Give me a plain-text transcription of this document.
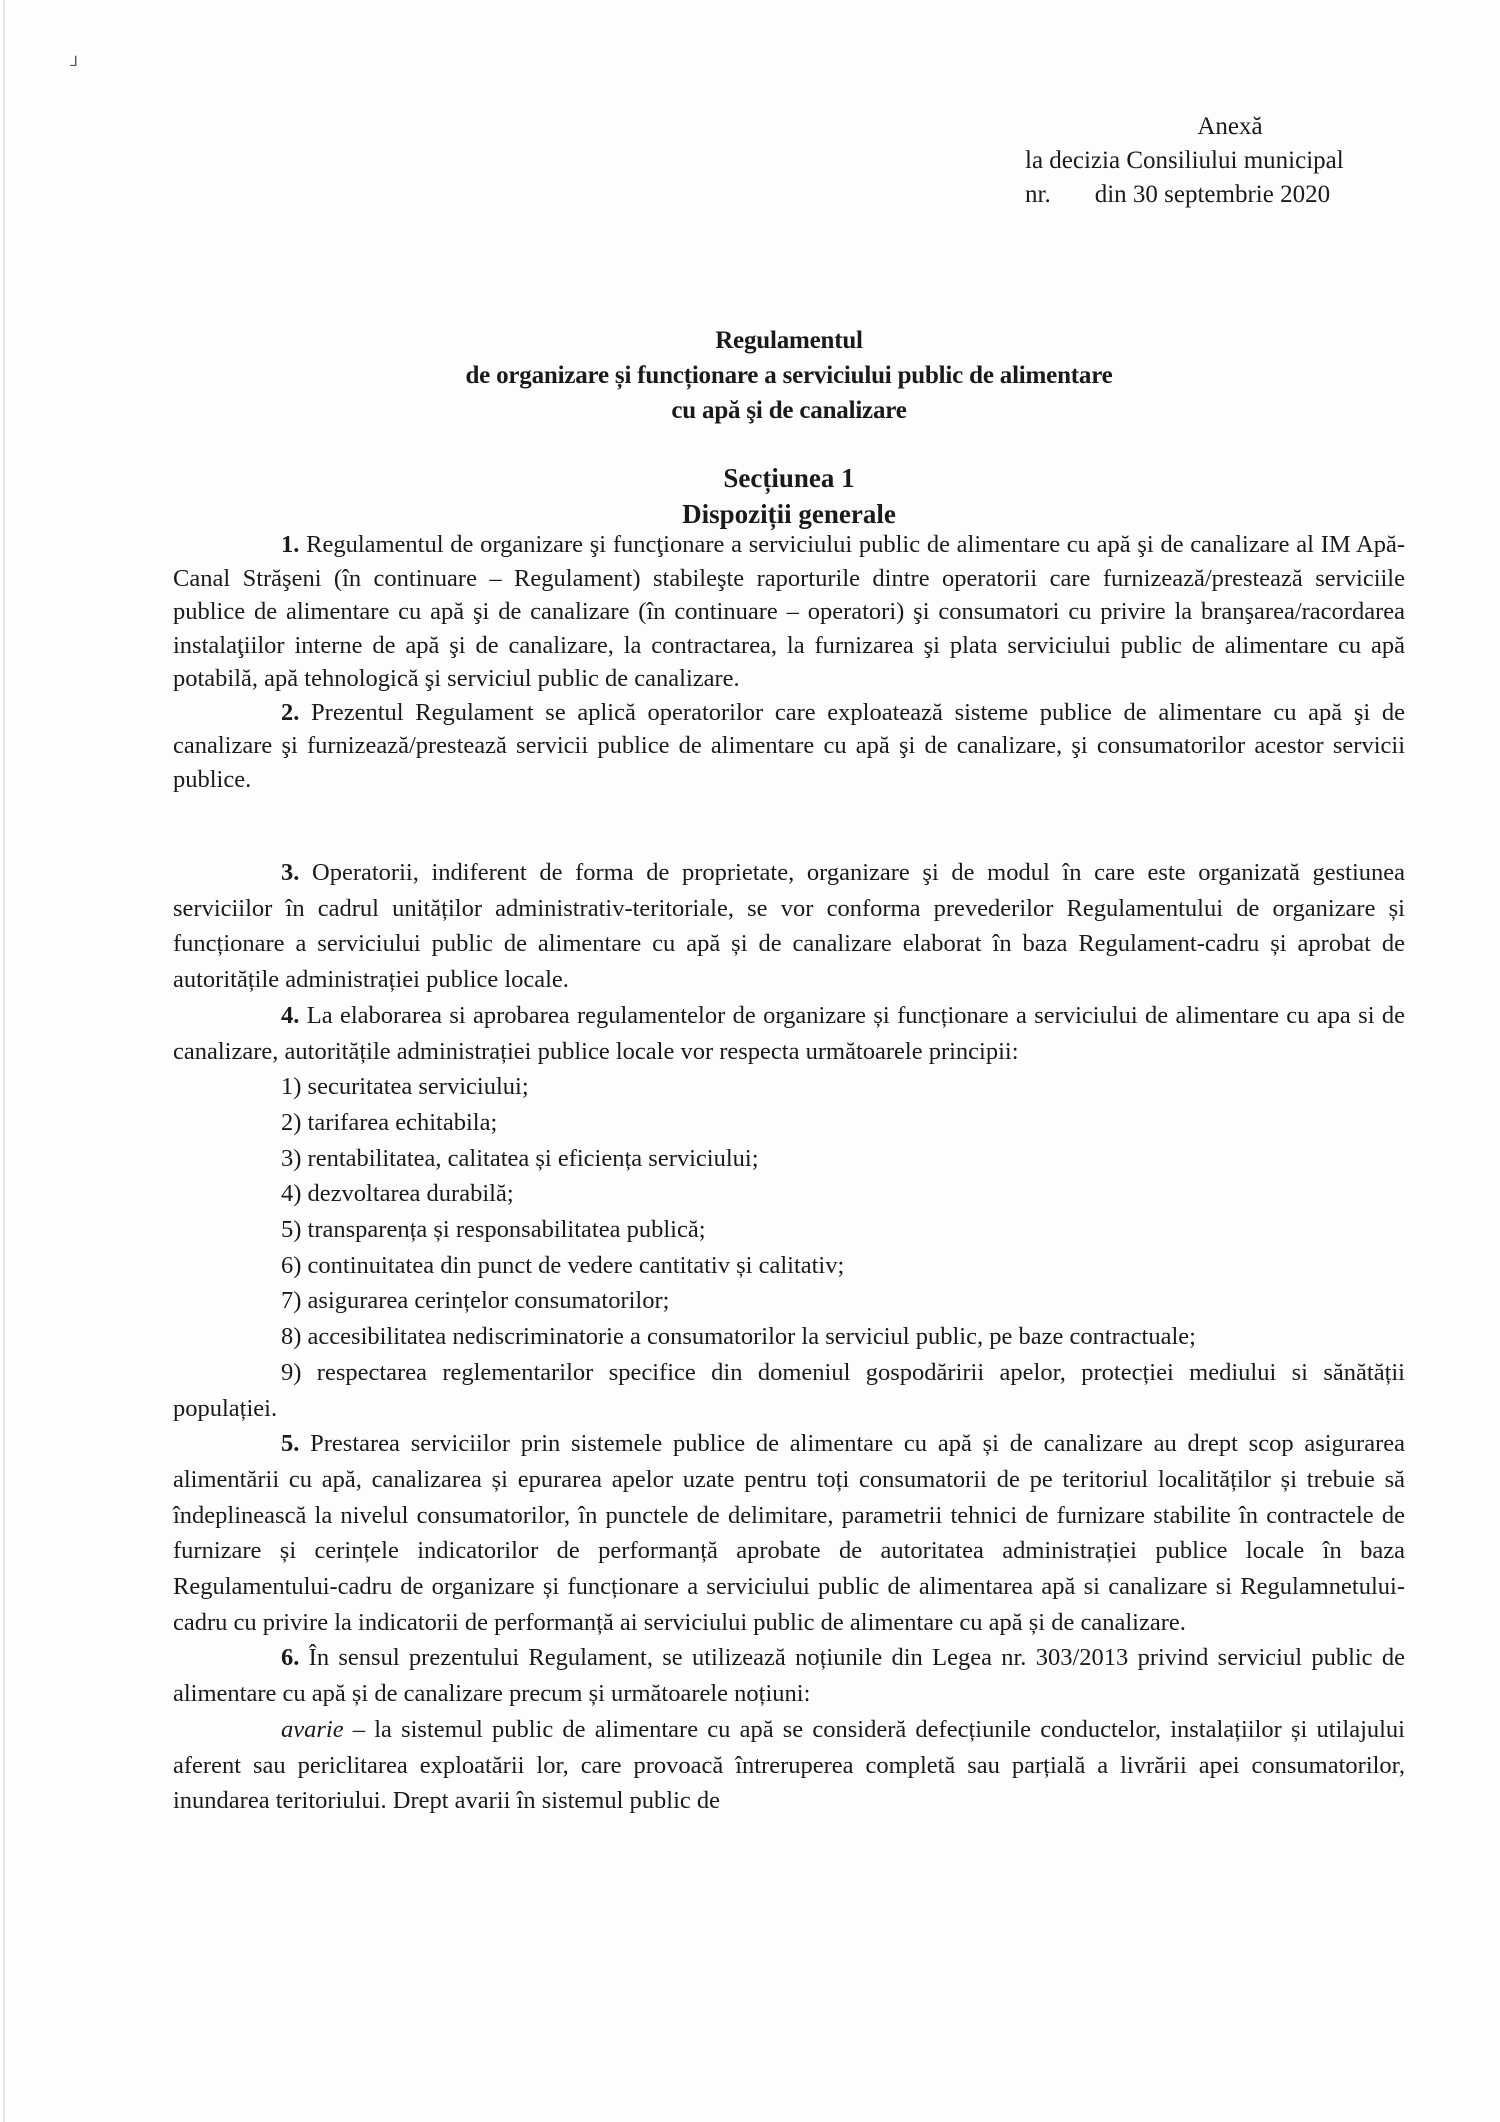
⅃
Anexă
la decizia Consiliului municipal
nr. din 30 septembrie 2020
Regulamentul
de organizare și funcționare a serviciului public de alimentare
cu apă şi de canalizare
Secțiunea 1
Dispoziții generale

1. Regulamentul de organizare şi funcţionare a serviciului public de alimentare cu apă şi de canalizare al IM Apă-Canal Străşeni (în continuare – Regulament) stabileşte raporturile dintre operatorii care furnizează/prestează serviciile publice de alimentare cu apă şi de canalizare (în continuare – operatori) şi consumatori cu privire la branşarea/racordarea instalaţiilor interne de apă şi de canalizare, la contractarea, la furnizarea şi plata serviciului public de alimentare cu apă potabilă, apă tehnologică şi serviciul public de canalizare.

2. Prezentul Regulament se aplică operatorilor care exploatează sisteme publice de alimentare cu apă şi de canalizare şi furnizează/prestează servicii publice de alimentare cu apă şi de canalizare, şi consumatorilor acestor servicii publice.

3. Operatorii, indiferent de forma de proprietate, organizare şi de modul în care este organizată gestiunea serviciilor în cadrul unităților administrativ-teritoriale, se vor conforma prevederilor Regulamentului de organizare și funcționare a serviciului public de alimentare cu apă și de canalizare elaborat în baza Regulament-cadru și aprobat de autoritățile administrației publice locale.

4. La elaborarea si aprobarea regulamentelor de organizare și funcționare a serviciului de alimentare cu apa si de canalizare, autoritățile administrației publice locale vor respecta următoarele principii:

1) securitatea serviciului;

2) tarifarea echitabila;

3) rentabilitatea, calitatea și eficiența serviciului;

4) dezvoltarea durabilă;

5) transparența și responsabilitatea publică;

6) continuitatea din punct de vedere cantitativ și calitativ;

7) asigurarea cerințelor consumatorilor;

8) accesibilitatea nediscriminatorie a consumatorilor la serviciul public, pe baze contractuale;

9) respectarea reglementarilor specifice din domeniul gospodăririi apelor, protecției mediului si sănătății populației.

5. Prestarea serviciilor prin sistemele publice de alimentare cu apă și de canalizare au drept scop asigurarea alimentării cu apă, canalizarea și epurarea apelor uzate pentru toți consumatorii de pe teritoriul localităților și trebuie să îndeplinească la nivelul consumatorilor, în punctele de delimitare, parametrii tehnici de furnizare stabilite în contractele de furnizare și cerințele indicatorilor de performanță aprobate de autoritatea administrației publice locale în baza Regulamentului-cadru de organizare și funcționare a serviciului public de alimentarea apă si canalizare si Regulamnetului-cadru cu privire la indicatorii de performanță ai serviciului public de alimentare cu apă și de canalizare.

6. În sensul prezentului Regulament, se utilizează noțiunile din Legea nr. 303/2013 privind serviciul public de alimentare cu apă și de canalizare precum și următoarele noțiuni:

avarie – la sistemul public de alimentare cu apă se consideră defecțiunile conductelor, instalațiilor și utilajului aferent sau periclitarea exploatării lor, care provoacă întreruperea completă sau parțială a livrării apei consumatorilor, inundarea teritoriului. Drept avarii în sistemul public de
